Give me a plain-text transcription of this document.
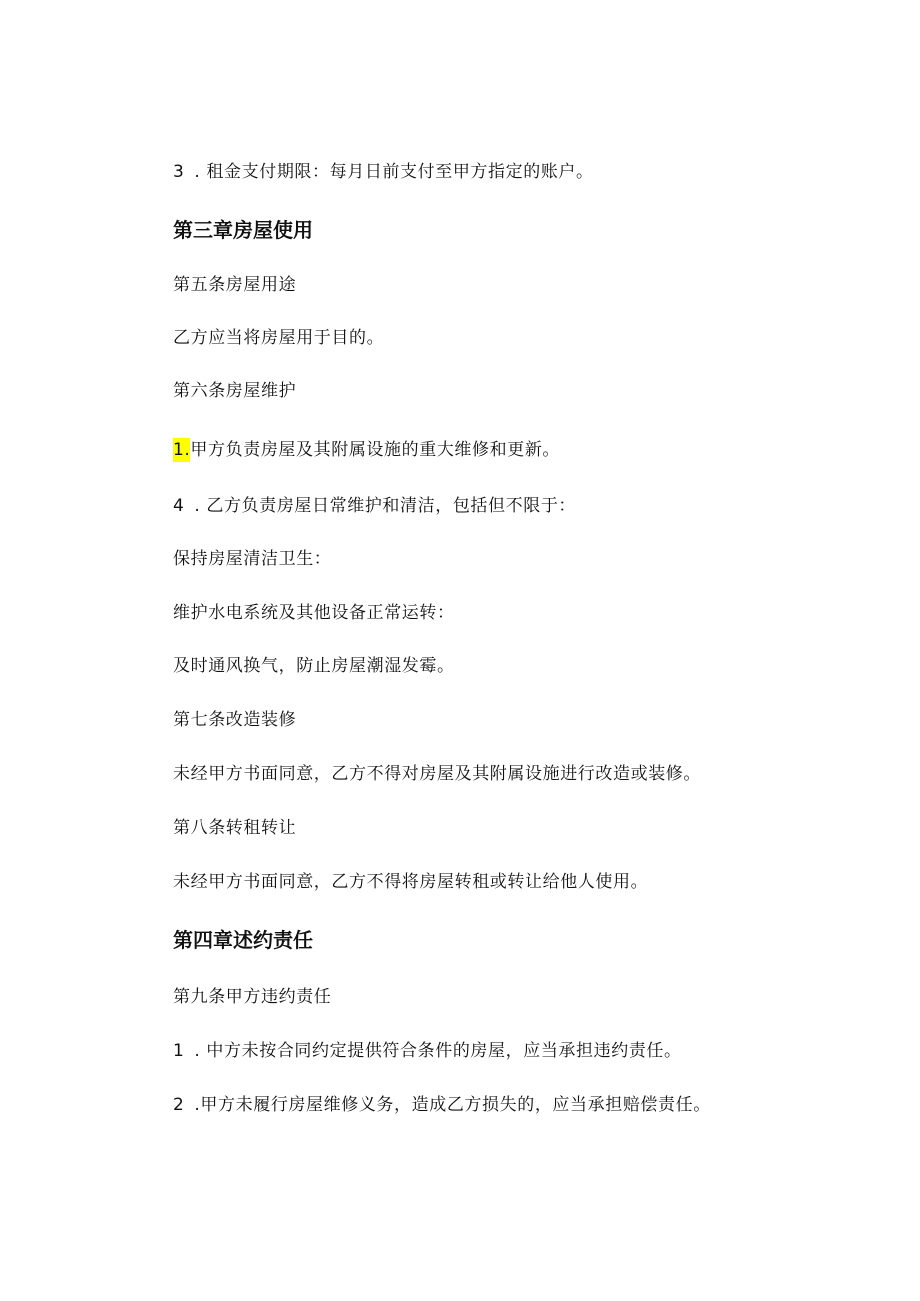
3 . 租金支付期限：每月日前支付至甲方指定的账户。
第三章房屋使用
第五条房屋用途
乙方应当将房屋用于目的。
第六条房屋维护
1.甲方负责房屋及其附属设施的重大维修和更新。
4 . 乙方负责房屋日常维护和清洁，包括但不限于：
保持房屋清洁卫生：
维护水电系统及其他设备正常运转：
及时通风换气，防止房屋潮湿发霉。
第七条改造装修
未经甲方书面同意，乙方不得对房屋及其附属设施进行改造或装修。
第八条转租转让
未经甲方书面同意，乙方不得将房屋转租或转让给他人使用。
第四章述约责任
第九条甲方违约责任
1 . 中方未按合同约定提供符合条件的房屋，应当承担违约责任。
2 .甲方未履行房屋维修义务，造成乙方损失的，应当承担赔偿责任。
